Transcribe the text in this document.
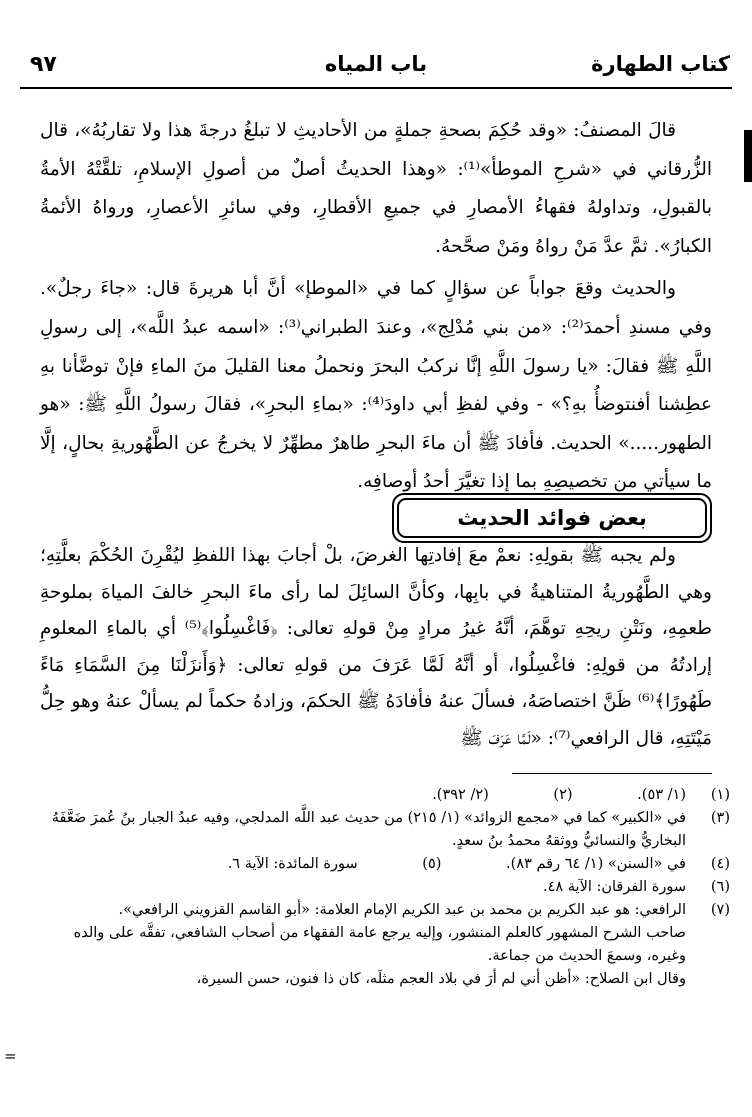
كتاب الطهارة
باب المياه
٩٧

قالَ المصنفُ: «وقد حُكِمَ بصحةِ جملةٍ من الأحاديثِ لا تبلغُ درجةَ هذا ولا تقاربُهُ»، قال الزُّرقاني في «شرحِ الموطأ»⁽¹⁾: «وهذا الحديثُ أصلٌ من أصولِ الإسلامِ، تلقَّتْهُ الأمةُ بالقبولِ، وتداولهُ فقهاءُ الأمصارِ في جميعِ الأقطارِ، وفي سائرِ الأعصارِ، ورواهُ الأئمةُ الكبارُ». ثمَّ عدَّ مَنْ رواهُ ومَنْ صحَّحهُ.

والحديث وقعَ جواباً عن سؤالٍ كما في «الموطإ» أنَّ أبا هريرةَ قال: «جاءَ رجلٌ». وفي مسندِ أحمدَ⁽²⁾: «من بني مُدْلِج»، وعندَ الطبراني⁽³⁾: «اسمه عبدُ اللَّه»، إلى رسولِ اللَّهِ ﷺ فقالَ: «يا رسولَ اللَّهِ إنَّا نركبُ البحرَ ونحملُ معنا القليلَ منَ الماءِ فإنْ توضَّأنا بهِ عطِشنا أفنتوضأُ بهِ؟» - وفي لفظِ أبي داودَ⁽⁴⁾: «بماءِ البحرِ»، فقالَ رسولُ اللَّهِ ﷺ: «هو الطهور.....» الحديث. فأفادَ ﷺ أن ماءَ البحرِ طاهرٌ مطهِّرٌ لا يخرجُ عن الطَّهُوريةِ بحالٍ، إلَّا ما سيأتي من تخصيصِهِ بما إذا تغيَّرَ أحدُ أوصافِه.

بعض فوائد الحديث

ولم يجبه ﷺ بقولِهِ: نعمْ معَ إفادتِها الغرضَ، بلْ أجابَ بهذا اللفظِ ليُقْرِنَ الحُكْمَ بعلَّتِهِ؛ وهي الطَّهُوريةُ المتناهيةُ في بابِها، وكأنَّ السائِلَ لما رأى ماءَ البحرِ خالفَ المياهَ بملوحةِ طعمِهِ، ونَتْنِ ريحِهِ توهَّمَ، أنَّهُ غيرُ مرادٍ مِنْ قولهِ تعالى: ﴿فَاغْسِلُوا﴾⁽⁵⁾ أي بالماءِ المعلومِ إرادتُهُ من قولِهِ: فاغْسِلُوا، أو أنَّهُ لَمَّا عَرَفَ من قولهِ تعالى: ﴿وَأَنزَلْنَا مِنَ السَّمَاءِ مَاءً طَهُورًا﴾⁽⁶⁾ ظَنَّ اختصاصَهُ، فسألَ عنهُ فأفادَهُ ﷺ الحكمَ، وزادهُ حكماً لم يسألْ عنهُ وهو حِلُّ مَيْتَتِهِ، قال الرافعي⁽⁷⁾: «لَمَّا عَرَفَ ﷺ

(١)
(١/ ٥٣). (٢) (٢/ ٣٩٢).
(٣)
في «الكبير» كما في «مجمع الزوائد» (١/ ٢١٥) من حديث عبد اللَّه المدلجي، وفيه عبدُ الجبار بنُ عُمرَ ضَعَّفَهُ البخاريُّ والنسائيُّ ووثقهُ محمدُ بنُ سعدٍ.
(٤)
في «السنن» (١/ ٦٤ رقم ٨٣). (٥) سورة المائدة: الآية ٦.
(٦)
سورة الفرقان: الآية ٤٨.
(٧)
الرافعي: هو عبد الكريم بن محمد بن عبد الكريم الإمام العلامة: «أبو القاسم القزويني الرافعي».
صاحب الشرح المشهور كالعلم المنشور، وإليه يرجع عامة الفقهاء من أصحاب الشافعي، تفقَّه على والده وغيره، وسمعَ الحديث من جماعة.
وقال ابن الصلاح: «أظن أني لم أرَ في بلاد العجم مثلَه، كان ذا فنون، حسن السيرة،
=
